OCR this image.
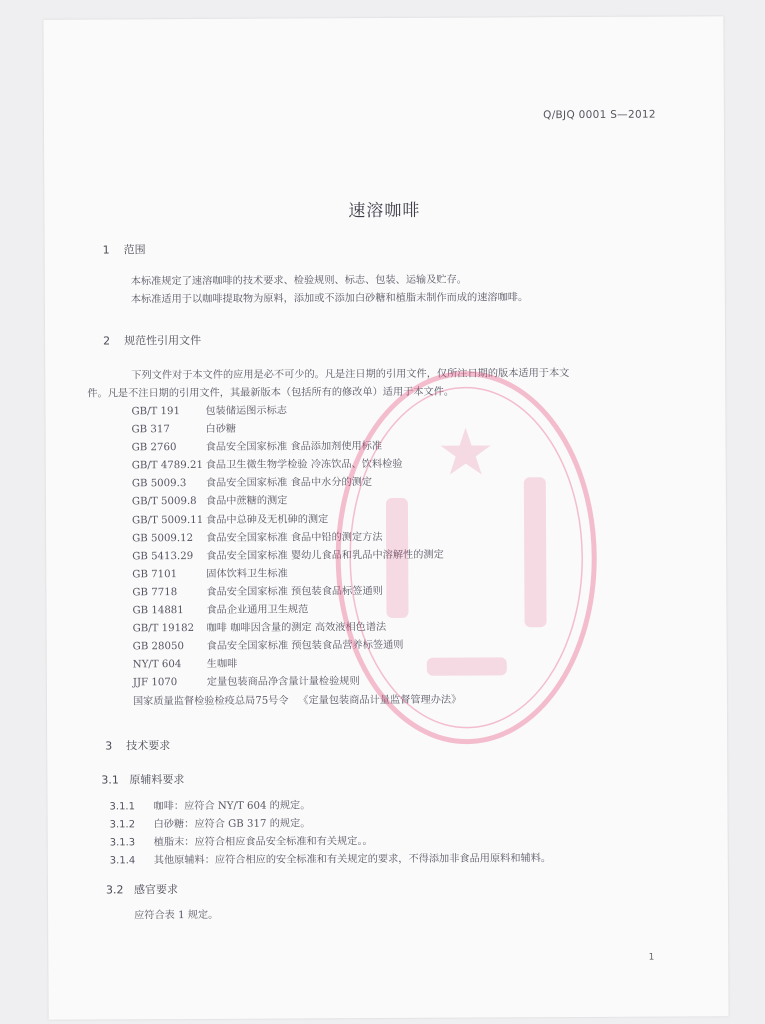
Q/BJQ 0001 S—2012
速溶咖啡
1 范围

本标准规定了速溶咖啡的技术要求、检验规则、标志、包装、运输及贮存。

本标准适用于以咖啡提取物为原料，添加或不添加白砂糖和植脂末制作而成的速溶咖啡。

2 规范性引用文件

下列文件对于本文件的应用是必不可少的。凡是注日期的引用文件，仅所注日期的版本适用于本文

件。凡是不注日期的引用文件，其最新版本（包括所有的修改单）适用于本文件。

GB/T 191 包装储运图示标志
GB 317	白砂糖
GB 2760	食品安全国家标准 食品添加剂使用标准
GB/T 4789.21 食品卫生微生物学检验 冷冻饮品、饮料检验
GB 5009.3 食品安全国家标准 食品中水分的测定
GB/T 5009.8 食品中蔗糖的测定
GB/T 5009.11 食品中总砷及无机砷的测定
GB 5009.12 食品安全国家标准 食品中铅的测定方法
GB 5413.29 食品安全国家标准 婴幼儿食品和乳品中溶解性的测定
GB 7101	固体饮料卫生标准
GB 7718	食品安全国家标准 预包装食品标签通则
GB 14881 食品企业通用卫生规范
GB/T 19182 咖啡 咖啡因含量的测定 高效液相色谱法
GB 28050 食品安全国家标准 预包装食品营养标签通则
NY/T 604 生咖啡
JJF 1070	定量包装商品净含量计量检验规则
国家质量监督检验检疫总局75号令 《定量包装商品计量监督管理办法》
3 技术要求
3.1 原辅料要求
3.1.1 咖啡：应符合 NY/T 604 的规定。
3.1.2 白砂糖：应符合 GB 317 的规定。
3.1.3 植脂末：应符合相应食品安全标准和有关规定。。
3.1.4 其他原辅料：应符合相应的安全标准和有关规定的要求，不得添加非食品用原料和辅料。
3.2 感官要求
应符合表 1 规定。
1
